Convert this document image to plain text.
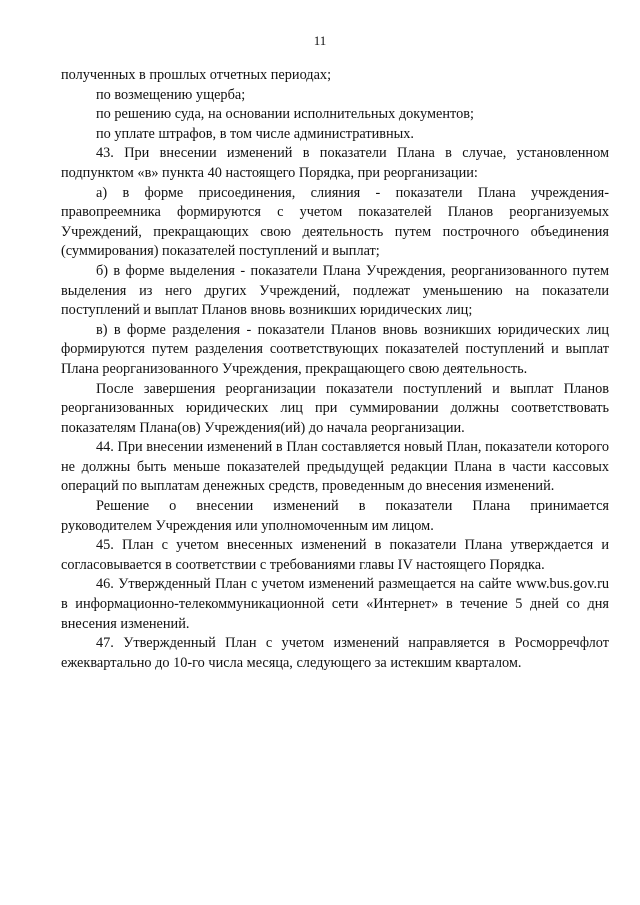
11

полученных в прошлых отчетных периодах;

по возмещению ущерба;

по решению суда, на основании исполнительных документов;

по уплате штрафов, в том числе административных.

43. При внесении изменений в показатели Плана в случае, установленном подпунктом «в» пункта 40 настоящего Порядка, при реорганизации:

а) в форме присоединения, слияния - показатели Плана учреждения-правопреемника формируются с учетом показателей Планов реорганизуемых Учреждений, прекращающих свою деятельность путем построчного объединения (суммирования) показателей поступлений и выплат;

б) в форме выделения - показатели Плана Учреждения, реорганизованного путем выделения из него других Учреждений, подлежат уменьшению на показатели поступлений и выплат Планов вновь возникших юридических лиц;

в) в форме разделения - показатели Планов вновь возникших юридических лиц формируются путем разделения соответствующих показателей поступлений и выплат Плана реорганизованного Учреждения, прекращающего свою деятельность.

После завершения реорганизации показатели поступлений и выплат Планов реорганизованных юридических лиц при суммировании должны соответствовать показателям Плана(ов) Учреждения(ий) до начала реорганизации.

44. При внесении изменений в План составляется новый План, показатели которого не должны быть меньше показателей предыдущей редакции Плана в части кассовых операций по выплатам денежных средств, проведенным до внесения изменений.

Решение о внесении изменений в показатели Плана принимается

руководителем Учреждения или уполномоченным им лицом.

45. План с учетом внесенных изменений в показатели Плана утверждается и согласовывается в соответствии с требованиями главы IV настоящего Порядка.

46. Утвержденный План с учетом изменений размещается на сайте www.bus.gov.ru в информационно-телекоммуникационной сети «Интернет» в течение 5 дней со дня внесения изменений.

47. Утвержденный План с учетом изменений направляется в Росморречфлот ежеквартально до 10-го числа месяца, следующего за истекшим кварталом.
